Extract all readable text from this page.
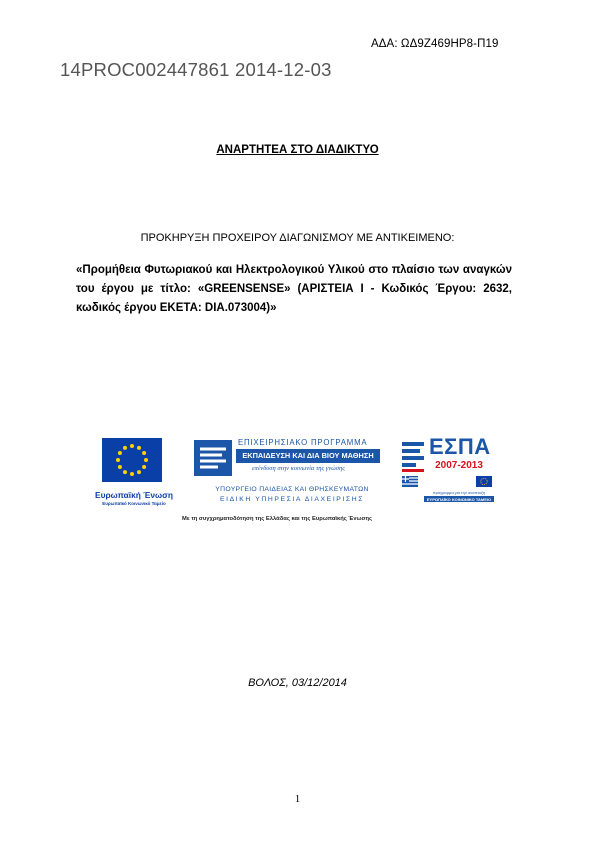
ΑΔΑ: ΩΔ9Ζ469ΗΡ8-Π19
14PROC002447861 2014-12-03
ΑΝΑΡΤΗΤΕΑ ΣΤΟ ΔΙΑΔΙΚΤΥΟ
ΠΡΟΚΗΡΥΞΗ ΠΡΟΧΕΙΡΟΥ ΔΙΑΓΩΝΙΣΜΟΥ ΜΕ ΑΝΤΙΚΕΙΜΕΝΟ:
«Προμήθεια Φυτωριακού και Ηλεκτρολογικού Υλικού στο πλαίσιο των αναγκών του έργου με τίτλο: «GREENSENSE» (ΑΡΙΣΤΕΙΑ Ι - Κωδικός Έργου: 2632, κωδικός έργου ΕΚΕΤΑ: DIA.073004)»
Ευρωπαϊκή Ένωση
Ευρωπαϊκό Κοινωνικό Ταμείο
ΕΠΙΧΕΙΡΗΣΙΑΚΟ ΠΡΟΓΡΑΜΜΑ
ΕΚΠΑΙΔΕΥΣΗ ΚΑΙ ΔΙΑ ΒΙΟΥ ΜΑΘΗΣΗ
επένδυση στην κοινωνία της γνώσης
ΥΠΟΥΡΓΕΙΟ ΠΑΙΔΕΙΑΣ ΚΑΙ ΘΡΗΣΚΕΥΜΑΤΩΝ
ΕΙΔΙΚΗ ΥΠΗΡΕΣΙΑ ΔΙΑΧΕΙΡΙΣΗΣ
Με τη συγχρηματοδότηση της Ελλάδας και της Ευρωπαϊκής Ένωσης
ΕΣΠΑ
2007-2013
πρόγραμμα για την ανάπτυξη
ΕΥΡΩΠΑΪΚΟ ΚΟΙΝΩΝΙΚΟ ΤΑΜΕΙΟ
ΒΟΛΟΣ, 03/12/2014
1
